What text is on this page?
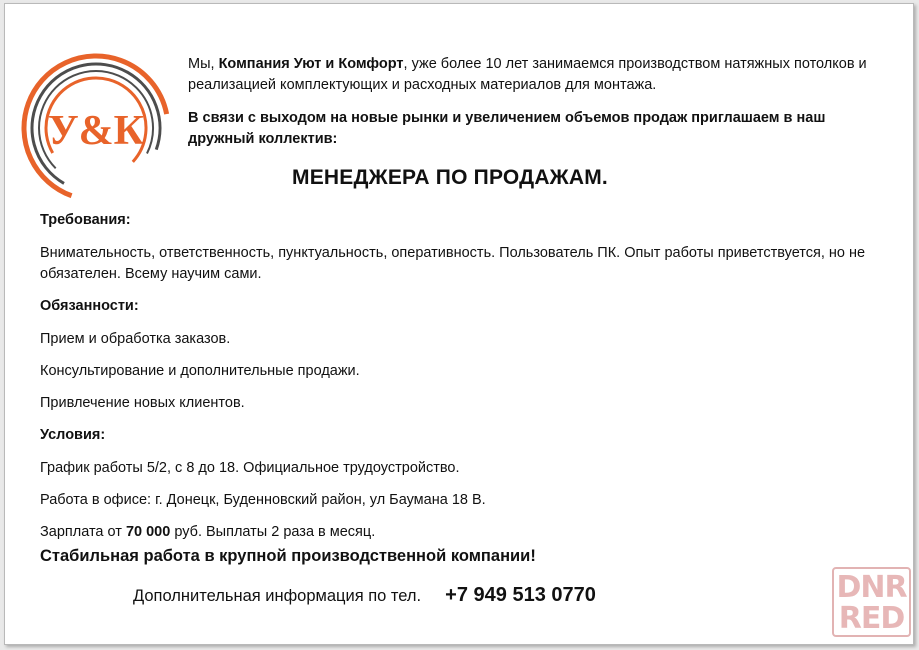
У&К

Мы, Компания Уют и Комфорт, уже более 10 лет занимаемся производством натяжных потолков и реализацией комплектующих и расходных материалов для монтажа.

В связи с выходом на новые рынки и увеличением объемов продаж приглашаем в наш дружный коллектив:

МЕНЕДЖЕРА ПО ПРОДАЖАМ.
Требования:
Внимательность, ответственность, пунктуальность, оперативность. Пользователь ПК. Опыт работы приветствуется, но не обязателен. Всему научим сами.
Обязанности:
Прием и обработка заказов.
Консультирование и дополнительные продажи.
Привлечение новых клиентов.
Условия:
График работы 5/2, с 8 до 18. Официальное трудоустройство.
Работа в офисе: г. Донецк, Буденновский район, ул Баумана 18 В.
Зарплата от 70 000 руб. Выплаты 2 раза в месяц.
Стабильная работа в крупной производственной компании!
Дополнительная информация по тел. +7 949 513 0770	DNR
RED
